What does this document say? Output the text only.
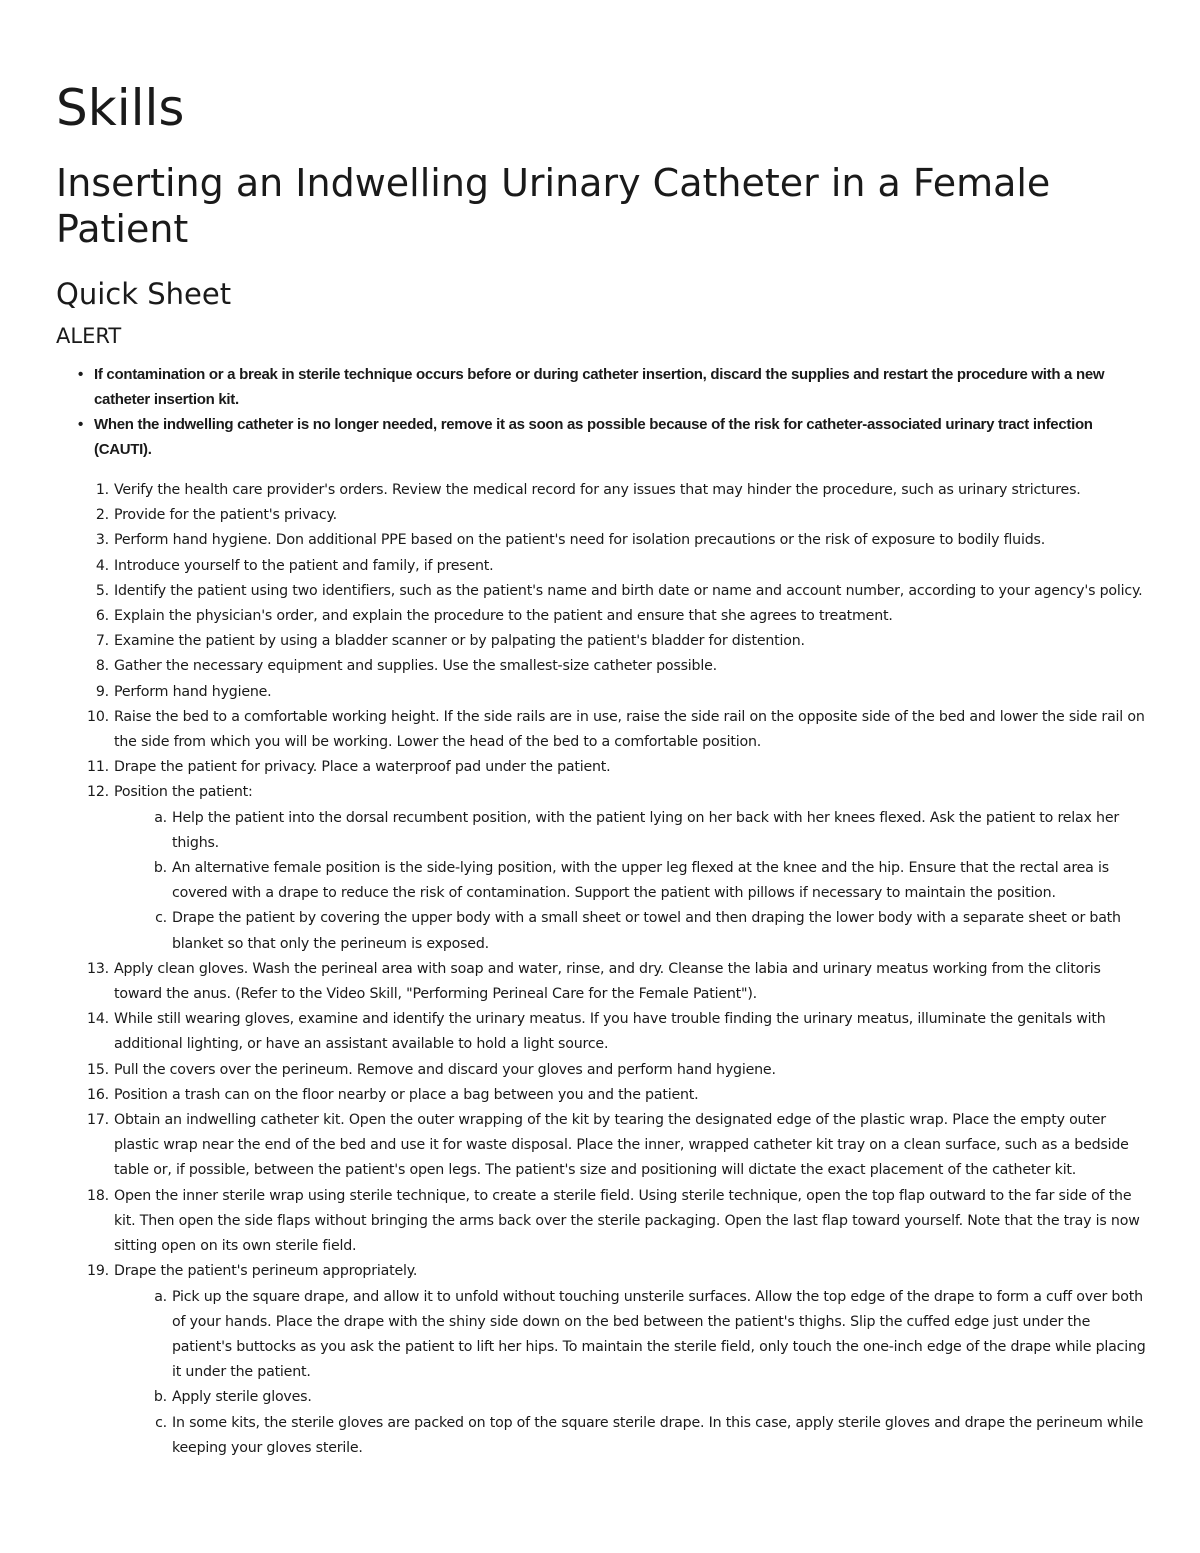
Skills
Inserting an Indwelling Urinary Catheter in a Female Patient
Quick Sheet
ALERT
• If contamination or a break in sterile technique occurs before or during catheter insertion, discard the supplies and restart the procedure with a new catheter insertion kit.
• When the indwelling catheter is no longer needed, remove it as soon as possible because of the risk for catheter-associated urinary tract infection (CAUTI).
1. Verify the health care provider's orders. Review the medical record for any issues that may hinder the procedure, such as urinary strictures.
2. Provide for the patient's privacy.
3. Perform hand hygiene. Don additional PPE based on the patient's need for isolation precautions or the risk of exposure to bodily fluids.
4. Introduce yourself to the patient and family, if present.
5. Identify the patient using two identifiers, such as the patient's name and birth date or name and account number, according to your agency's policy.
6. Explain the physician's order, and explain the procedure to the patient and ensure that she agrees to treatment.
7. Examine the patient by using a bladder scanner or by palpating the patient's bladder for distention.
8. Gather the necessary equipment and supplies. Use the smallest-size catheter possible.
9. Perform hand hygiene.
10. Raise the bed to a comfortable working height. If the side rails are in use, raise the side rail on the opposite side of the bed and lower the side rail on the side from which you will be working. Lower the head of the bed to a comfortable position.
11. Drape the patient for privacy. Place a waterproof pad under the patient.
12. Position the patient:
a. Help the patient into the dorsal recumbent position, with the patient lying on her back with her knees flexed. Ask the patient to relax her thighs.
b. An alternative female position is the side-lying position, with the upper leg flexed at the knee and the hip. Ensure that the rectal area is covered with a drape to reduce the risk of contamination. Support the patient with pillows if necessary to maintain the position.
c. Drape the patient by covering the upper body with a small sheet or towel and then draping the lower body with a separate sheet or bath blanket so that only the perineum is exposed.
13. Apply clean gloves. Wash the perineal area with soap and water, rinse, and dry. Cleanse the labia and urinary meatus working from the clitoris toward the anus. (Refer to the Video Skill, "Performing Perineal Care for the Female Patient").
14. While still wearing gloves, examine and identify the urinary meatus. If you have trouble finding the urinary meatus, illuminate the genitals with additional lighting, or have an assistant available to hold a light source.
15. Pull the covers over the perineum. Remove and discard your gloves and perform hand hygiene.
16. Position a trash can on the floor nearby or place a bag between you and the patient.
17. Obtain an indwelling catheter kit. Open the outer wrapping of the kit by tearing the designated edge of the plastic wrap. Place the empty outer plastic wrap near the end of the bed and use it for waste disposal. Place the inner, wrapped catheter kit tray on a clean surface, such as a bedside table or, if possible, between the patient's open legs. The patient's size and positioning will dictate the exact placement of the catheter kit.
18. Open the inner sterile wrap using sterile technique, to create a sterile field. Using sterile technique, open the top flap outward to the far side of the kit. Then open the side flaps without bringing the arms back over the sterile packaging. Open the last flap toward yourself. Note that the tray is now sitting open on its own sterile field.
19. Drape the patient's perineum appropriately.
a. Pick up the square drape, and allow it to unfold without touching unsterile surfaces. Allow the top edge of the drape to form a cuff over both of your hands. Place the drape with the shiny side down on the bed between the patient's thighs. Slip the cuffed edge just under the patient's buttocks as you ask the patient to lift her hips. To maintain the sterile field, only touch the one-inch edge of the drape while placing it under the patient.
b. Apply sterile gloves.
c. In some kits, the sterile gloves are packed on top of the square sterile drape. In this case, apply sterile gloves and drape the perineum while keeping your gloves sterile.
